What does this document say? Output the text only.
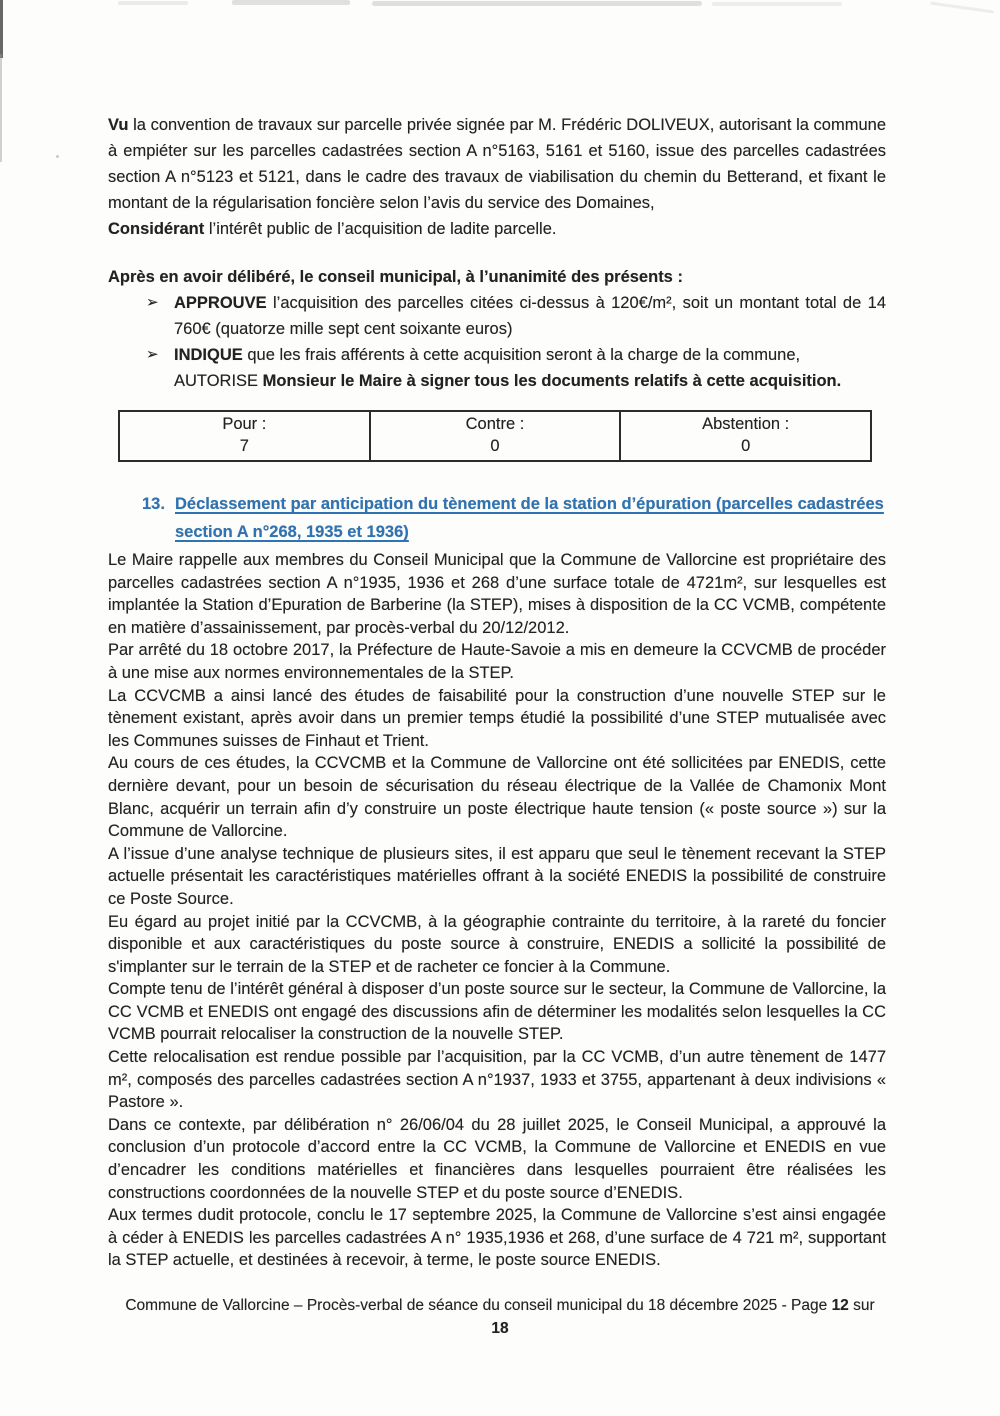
Vu la convention de travaux sur parcelle privée signée par M. Frédéric DOLIVEUX, autorisant la commune à empiéter sur les parcelles cadastrées section A n°5163, 5161 et 5160, issue des parcelles cadastrées section A n°5123 et 5121, dans le cadre des travaux de viabilisation du chemin du Betterand, et fixant le montant de la régularisation foncière selon l’avis du service des Domaines,
Considérant l’intérêt public de l’acquisition de ladite parcelle.

Après en avoir délibéré, le conseil municipal, à l’unanimité des présents :

➢ APPROUVE l’acquisition des parcelles citées ci-dessus à 120€/m², soit un montant total de 14 760€ (quatorze mille sept cent soixante euros)
➢ INDIQUE que les frais afférents à cette acquisition seront à la charge de la commune,
AUTORISE Monsieur le Maire à signer tous les documents relatifs à cette acquisition.
Pour :
7

Contre :
0

Abstention :
0
13. Déclassement par anticipation du tènement de la station d’épuration (parcelles cadastrées section A n°268, 1935 et 1936)

Le Maire rappelle aux membres du Conseil Municipal que la Commune de Vallorcine est propriétaire des parcelles cadastrées section A n°1935, 1936 et 268 d’une surface totale de 4721m², sur lesquelles est implantée la Station d’Epuration de Barberine (la STEP), mises à disposition de la CC VCMB, compétente en matière d’assainissement, par procès-verbal du 20/12/2012.

Par arrêté du 18 octobre 2017, la Préfecture de Haute-Savoie a mis en demeure la CCVCMB de procéder à une mise aux normes environnementales de la STEP.

La CCVCMB a ainsi lancé des études de faisabilité pour la construction d’une nouvelle STEP sur le tènement existant, après avoir dans un premier temps étudié la possibilité d’une STEP mutualisée avec les Communes suisses de Finhaut et Trient.

Au cours de ces études, la CCVCMB et la Commune de Vallorcine ont été sollicitées par ENEDIS, cette dernière devant, pour un besoin de sécurisation du réseau électrique de la Vallée de Chamonix Mont Blanc, acquérir un terrain afin d’y construire un poste électrique haute tension (« poste source ») sur la Commune de Vallorcine.

A l’issue d’une analyse technique de plusieurs sites, il est apparu que seul le tènement recevant la STEP actuelle présentait les caractéristiques matérielles offrant à la société ENEDIS la possibilité de construire ce Poste Source.

Eu égard au projet initié par la CCVCMB, à la géographie contrainte du territoire, à la rareté du foncier disponible et aux caractéristiques du poste source à construire, ENEDIS a sollicité la possibilité de s'implanter sur le terrain de la STEP et de racheter ce foncier à la Commune.

Compte tenu de l’intérêt général à disposer d’un poste source sur le secteur, la Commune de Vallorcine, la CC VCMB et ENEDIS ont engagé des discussions afin de déterminer les modalités selon lesquelles la CC VCMB pourrait relocaliser la construction de la nouvelle STEP.

Cette relocalisation est rendue possible par l’acquisition, par la CC VCMB, d’un autre tènement de 1477 m², composés des parcelles cadastrées section A n°1937, 1933 et 3755, appartenant à deux indivisions « Pastore ».

Dans ce contexte, par délibération n° 26/06/04 du 28 juillet 2025, le Conseil Municipal, a approuvé la conclusion d’un protocole d’accord entre la CC VCMB, la Commune de Vallorcine et ENEDIS en vue d’encadrer les conditions matérielles et financières dans lesquelles pourraient être réalisées les constructions coordonnées de la nouvelle STEP et du poste source d’ENEDIS.

Aux termes dudit protocole, conclu le 17 septembre 2025, la Commune de Vallorcine s’est ainsi engagée à céder à ENEDIS les parcelles cadastrées A n° 1935,1936 et 268, d’une surface de 4 721 m², supportant la STEP actuelle, et destinées à recevoir, à terme, le poste source ENEDIS.

Commune de Vallorcine – Procès-verbal de séance du conseil municipal du 18 décembre 2025 - Page 12 sur
18
